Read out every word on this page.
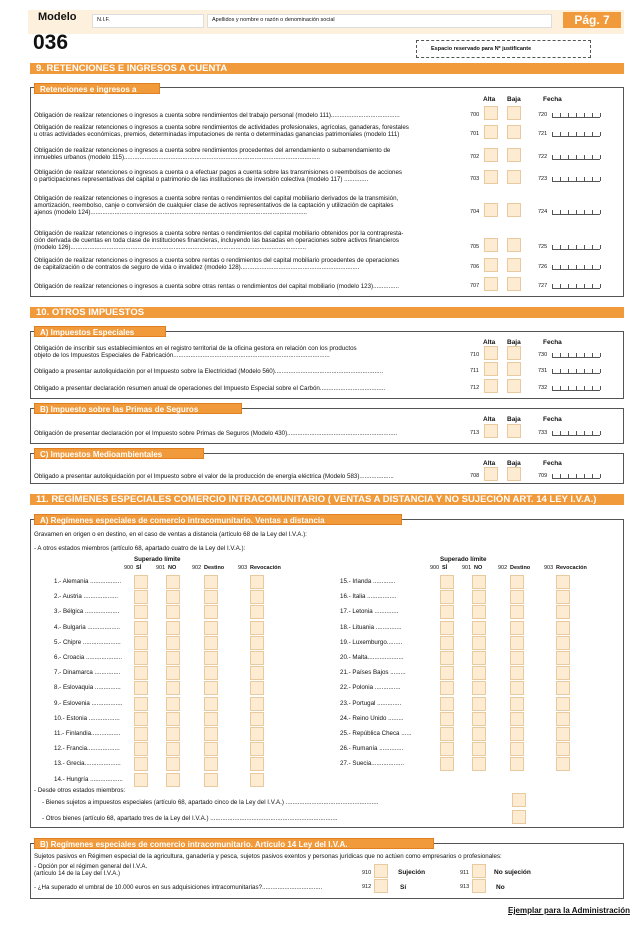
Modelo
036
N.I.F.	Apellidos y nombre o razón o denominación social	Pág. 7
Espacio reservado para Nº justificante
9. RETENCIONES E INGRESOS A CUENTA
Retenciones e ingresos a cuenta	Alta Baja	Fecha
Obligación de realizar retenciones o ingresos a cuenta sobre rendimientos del trabajo personal (modelo 111)........................................	700	720
Obligación de realizar retenciones o ingresos a cuenta sobre rendimientos de actividades profesionales, agrícolas, ganaderas, forestales
u otras actividades económicas, premios, determinadas imputaciones de renta o determinadas ganancias patrimoniales (modelo 111)	701	721
Obligación de realizar retenciones o ingresos a cuenta sobre rendimientos procedentes del arrendamiento o subarrendamiento de
inmuebles urbanos (modelo 115)..................................................................................................................	702	722
Obligación de realizar retenciones o ingresos a cuenta o a efectuar pagos a cuenta sobre las transmisiones o reembolsos de acciones
o participaciones representativas del capital o patrimonio de las instituciones de inversión colectiva (modelo 117) ..............	703	723
Obligación de realizar retenciones o ingresos a cuenta sobre rentas o rendimientos del capital mobiliario derivados de la transmisión,
amortización, reembolso, canje o conversión de cualquier clase de activos representativos de la captación y utilización de capitales
ajenos (modelo 124)..............................................................................................................................	704	724
Obligación de realizar retenciones o ingresos a cuenta sobre rentas o rendimientos del capital mobiliario obtenidos por la contrapresta-
ción derivada de cuentas en toda clase de instituciones financieras, incluyendo las basadas en operaciones sobre activos financieros
(modelo 126).........................................................................................................................................	705	725
Obligación de realizar retenciones o ingresos a cuenta sobre rentas o rendimientos del capital mobiliario procedentes de operaciones
de capitalización o de contratos de seguro de vida o invalidez (modelo 128).....................................................................	706	726
Obligación de realizar retenciones o ingresos a cuenta sobre otras rentas o rendimientos del capital mobiliario (modelo 123)...............	707	727
10. OTROS IMPUESTOS
A) Impuestos Especiales
B) Impuesto sobre las Primas de Seguros
C) Impuestos Medioambientales
Obligación de inscribir sus establecimientos en el registro territorial de la oficina gestora en relación con los productos
objeto de los Impuestos Especiales de Fabricación...........................................................................................	710	730
Obligado a presentar autoliquidación por el Impuesto sobre la Electricidad (Modelo 560)...............................................................	711	731
Obligado a presentar declaración resumen anual de operaciones del Impuesto Especial sobre el Carbón......................................	712	732
Alta Baja	Fecha
Alta Baja	Fecha
Alta Baja	Fecha
Obligación de presentar declaración por el Impuesto sobre Primas de Seguros (Modelo 430)................................................................	713	733
Obligado a presentar autoliquidación por el Impuesto sobre el valor de la producción de energía eléctrica (Modelo 583)....................	708	709
11. REGÍMENES ESPECIALES COMERCIO INTRACOMUNITARIO ( VENTAS A DISTANCIA Y NO SUJECIÓN ART. 14 LEY I.V.A.)
A) Regímenes especiales de comercio intracomunitario. Ventas a distancia
Gravamen en origen o en destino, en el caso de ventas a distancia (artículo 68 de la Ley del I.V.A.):
- A otros estados miembros (artículo 68, apartado cuatro de la Ley del I.V.A.):
Superado límite
900 SÍ	901 NO	902 Destino	903 Revocación
Superado límite
900 SÍ	901 NO	902 Destino	903 Revocación
1.- Alemania ..................
2.- Austria ....................
3.- Bélgica ....................
4.- Bulgaria ...................
5.- Chipre ......................
6.- Croacia .....................
7.- Dinamarca ...............
8.- Eslovaquia ...............
9.- Eslovenia ..................
10.- Estonia ..................
11.- Finlandia.................
12.- Francia...................
13.- Grecia.....................
14.- Hungría ...................
15.- Irlanda .............
16.- Italia .................
17.- Letonia ..............
18.- Lituania ...............
19.- Luxemburgo.........
20.- Malta.....................
21.- Países Bajos .........
22.- Polonia ...............
23.- Portugal ..............
24.- Reino Unido .........
25.- República Checa ......
26.- Rumanía ..............
27.- Suecia...................
- Desde otros estados miembros:
- Bienes sujetos a impuestos especiales (artículo 68, apartado cinco de la Ley del I.V.A.) ......................................................
- Otros bienes (artículo 68, apartado tres de la Ley del I.V.A.) ..........................................................................
B) Regímenes especiales de comercio intracomunitario. Artículo 14 Ley del I.V.A.
Sujetos pasivos en Régimen especial de la agricultura, ganadería y pesca, sujetos pasivos exentos y personas jurídicas que no actúen como empresarios o profesionales:
- Opción por el régimen general del I.V.A.
(artículo 14 de la Ley del I.V.A.)	910	Sujeción	911	No sujeción
- ¿Ha superado el umbral de 10.000 euros en sus adquisiciones intracomunitarias?...................................	912	Sí	913	No
Ejemplar para la Administración
